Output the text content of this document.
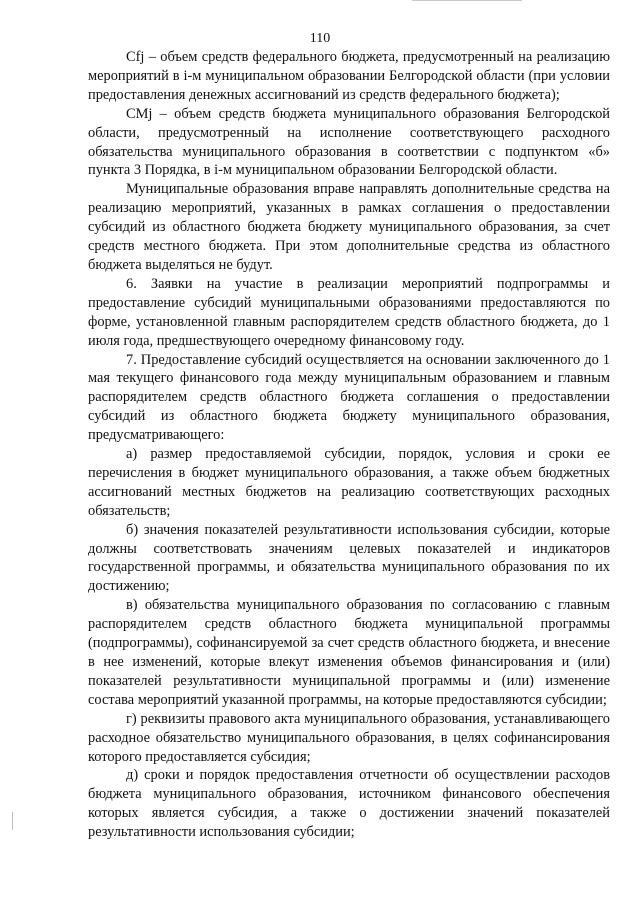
110

Cfj – объем средств федерального бюджета, предусмотренный на реализацию мероприятий в i-м муниципальном образовании Белгородской области (при условии предоставления денежных ассигнований из средств федерального бюджета);

CMj – объем средств бюджета муниципального образования Белгородской области, предусмотренный на исполнение соответствующего расходного обязательства муниципального образования в соответствии с подпунктом «б» пункта 3 Порядка, в i-м муниципальном образовании Белгородской области.

Муниципальные образования вправе направлять дополнительные средства на реализацию мероприятий, указанных в рамках соглашения о предоставлении субсидий из областного бюджета бюджету муниципального образования, за счет средств местного бюджета. При этом дополнительные средства из областного бюджета выделяться не будут.

6. Заявки на участие в реализации мероприятий подпрограммы и предоставление субсидий муниципальными образованиями предоставляются по форме, установленной главным распорядителем средств областного бюджета, до 1 июля года, предшествующего очередному финансовому году.

7. Предоставление субсидий осуществляется на основании заключенного до 1 мая текущего финансового года между муниципальным образованием и главным распорядителем средств областного бюджета соглашения о предоставлении субсидий из областного бюджета бюджету муниципального образования, предусматривающего:

а) размер предоставляемой субсидии, порядок, условия и сроки ее перечисления в бюджет муниципального образования, а также объем бюджетных ассигнований местных бюджетов на реализацию соответствующих расходных обязательств;

б) значения показателей результативности использования субсидии, которые должны соответствовать значениям целевых показателей и индикаторов государственной программы, и обязательства муниципального образования по их достижению;

в) обязательства муниципального образования по согласованию с главным распорядителем средств областного бюджета муниципальной программы (подпрограммы), софинансируемой за счет средств областного бюджета, и внесение в нее изменений, которые влекут изменения объемов финансирования и (или) показателей результативности муниципальной программы и (или) изменение состава мероприятий указанной программы, на которые предоставляются субсидии;

г) реквизиты правового акта муниципального образования, устанавливающего расходное обязательство муниципального образования, в целях софинансирования которого предоставляется субсидия;

д) сроки и порядок предоставления отчетности об осуществлении расходов бюджета муниципального образования, источником финансового обеспечения которых является субсидия, а также о достижении значений показателей результативности использования субсидии;
